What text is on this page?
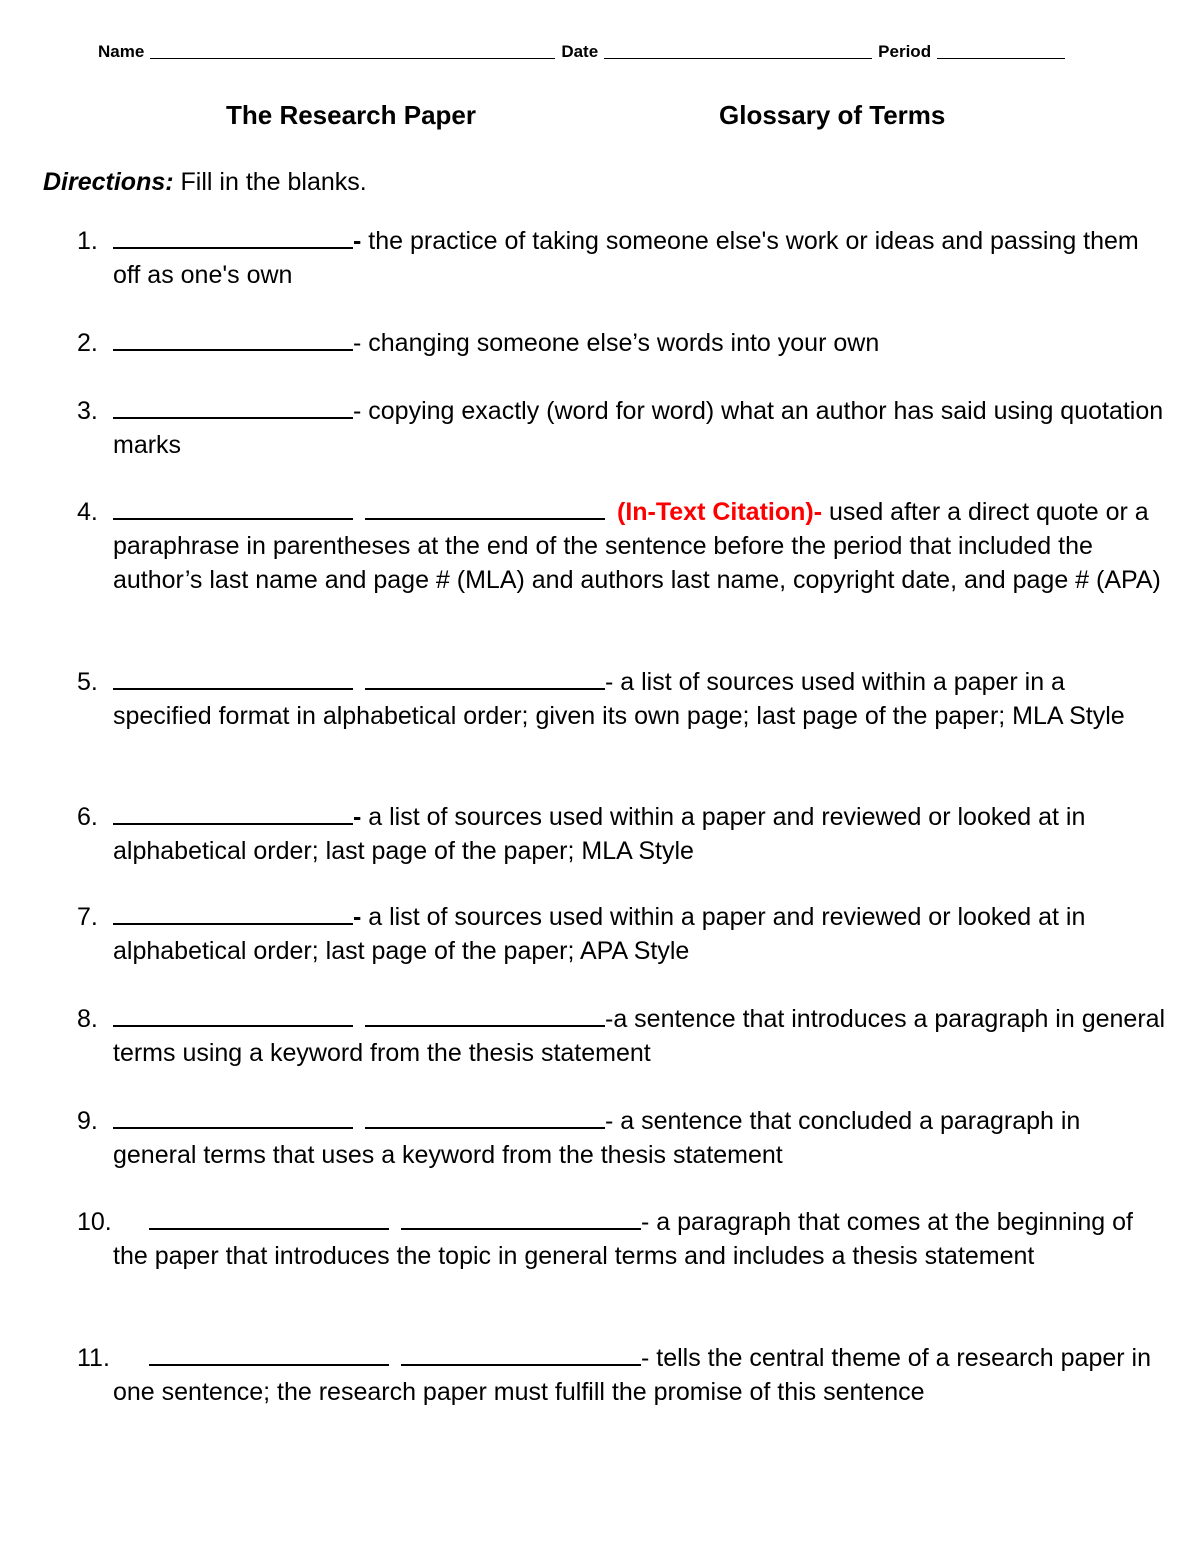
Name	Date	Period
The Research Paper	Glossary of Terms
Directions: Fill in the blanks.
1.	- the practice of taking someone else's work or ideas and passing them off as one's own
2.	- changing someone else’s words into your own
3.	- copying exactly (word for word) what an author has said using quotation marks
4.	(In-Text Citation)- used after a direct quote or a paraphrase in parentheses at the end of the sentence before the period that included the author’s last name and page # (MLA) and authors last name, copyright date, and page # (APA)
5.	- a list of sources used within a paper in a specified format in alphabetical order; given its own page; last page of the paper; MLA Style
6.	- a list of sources used within a paper and reviewed or looked at in alphabetical order; last page of the paper; MLA Style
7.	- a list of sources used within a paper and reviewed or looked at in alphabetical order; last page of the paper; APA Style
8.	-a sentence that introduces a paragraph in general terms using a keyword from the thesis statement
9.	- a sentence that concluded a paragraph in general terms that uses a keyword from the thesis statement
10.	- a paragraph that comes at the beginning of the paper that introduces the topic in general terms and includes a thesis statement
11.	- tells the central theme of a research paper in one sentence; the research paper must fulfill the promise of this sentence
